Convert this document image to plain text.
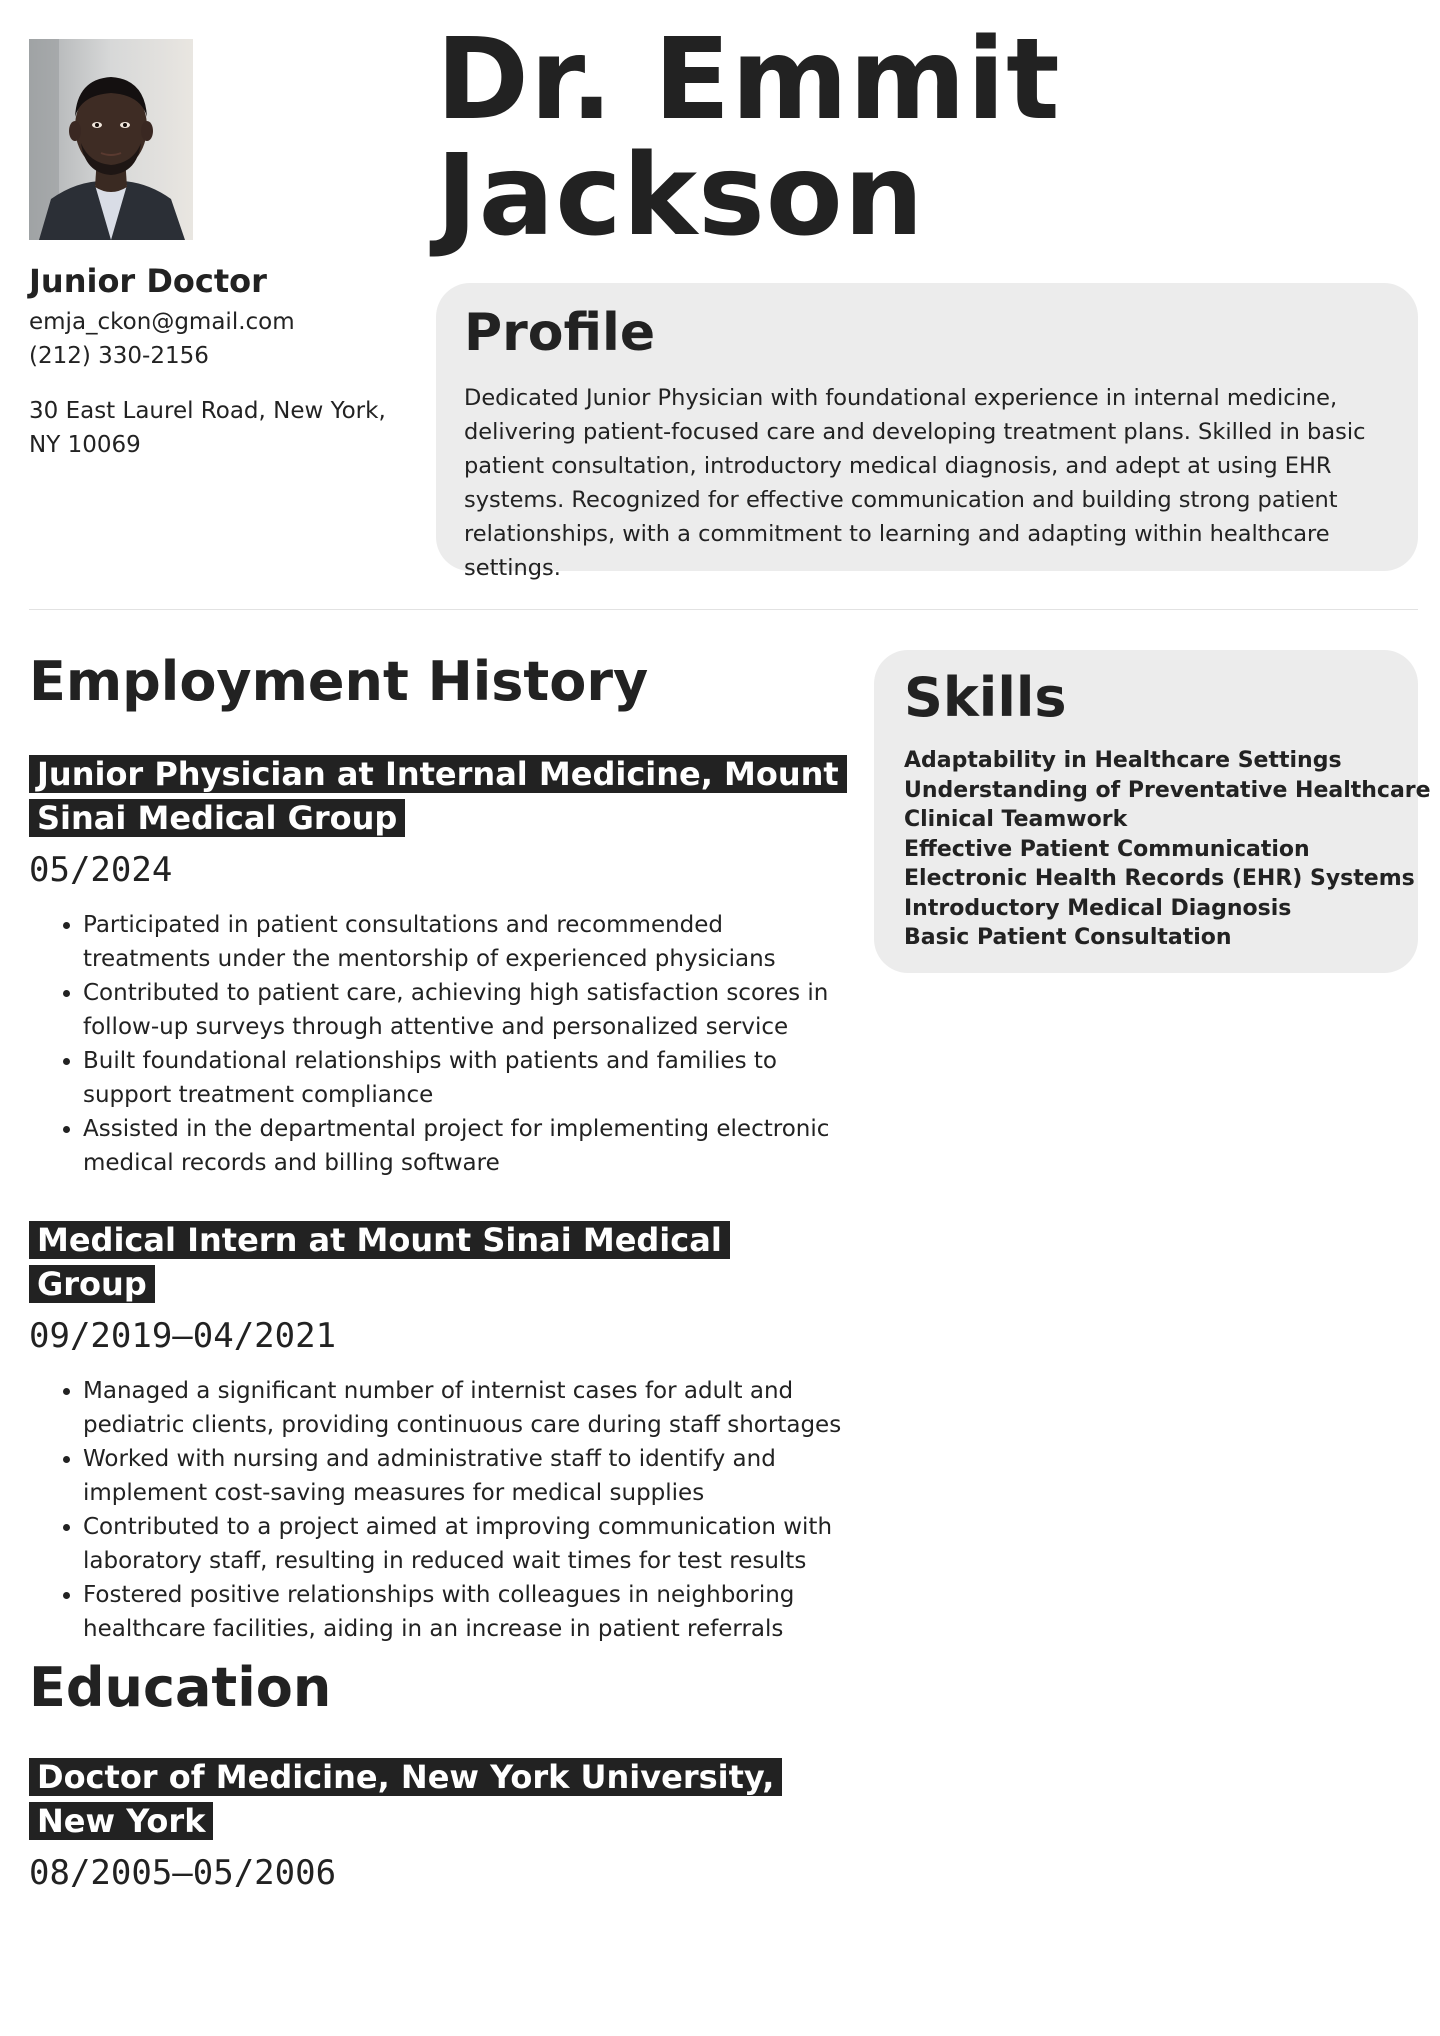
Junior Doctor
emja_ckon@gmail.com
(212) 330-2156
30 East Laurel Road, New York, NY 10069
Dr. Emmit
Jackson
Profile

Dedicated Junior Physician with foundational experience in internal medicine, delivering patient-focused care and developing treatment plans. Skilled in basic patient consultation, introductory medical diagnosis, and adept at using EHR systems. Recognized for effective communication and building strong patient relationships, with a commitment to learning and adapting within healthcare settings.

Employment History
Junior Physician at Internal Medicine, Mount Sinai Medical Group
05/2024
• Participated in patient consultations and recommended treatments under the mentorship of experienced physicians
• Contributed to patient care, achieving high satisfaction scores in follow-up surveys through attentive and personalized service
• Built foundational relationships with patients and families to support treatment compliance
• Assisted in the departmental project for implementing electronic medical records and billing software
Medical Intern at Mount Sinai Medical Group
09/2019—04/2021
• Managed a significant number of internist cases for adult and pediatric clients, providing continuous care during staff shortages
• Worked with nursing and administrative staff to identify and implement cost-saving measures for medical supplies
• Contributed to a project aimed at improving communication with laboratory staff, resulting in reduced wait times for test results
• Fostered positive relationships with colleagues in neighboring healthcare facilities, aiding in an increase in patient referrals
Education
Doctor of Medicine, New York University, New York
08/2005—05/2006
Skills
Adaptability in Healthcare Settings
Understanding of Preventative Healthcare
Clinical Teamwork
Effective Patient Communication
Electronic Health Records (EHR) Systems
Introductory Medical Diagnosis
Basic Patient Consultation
